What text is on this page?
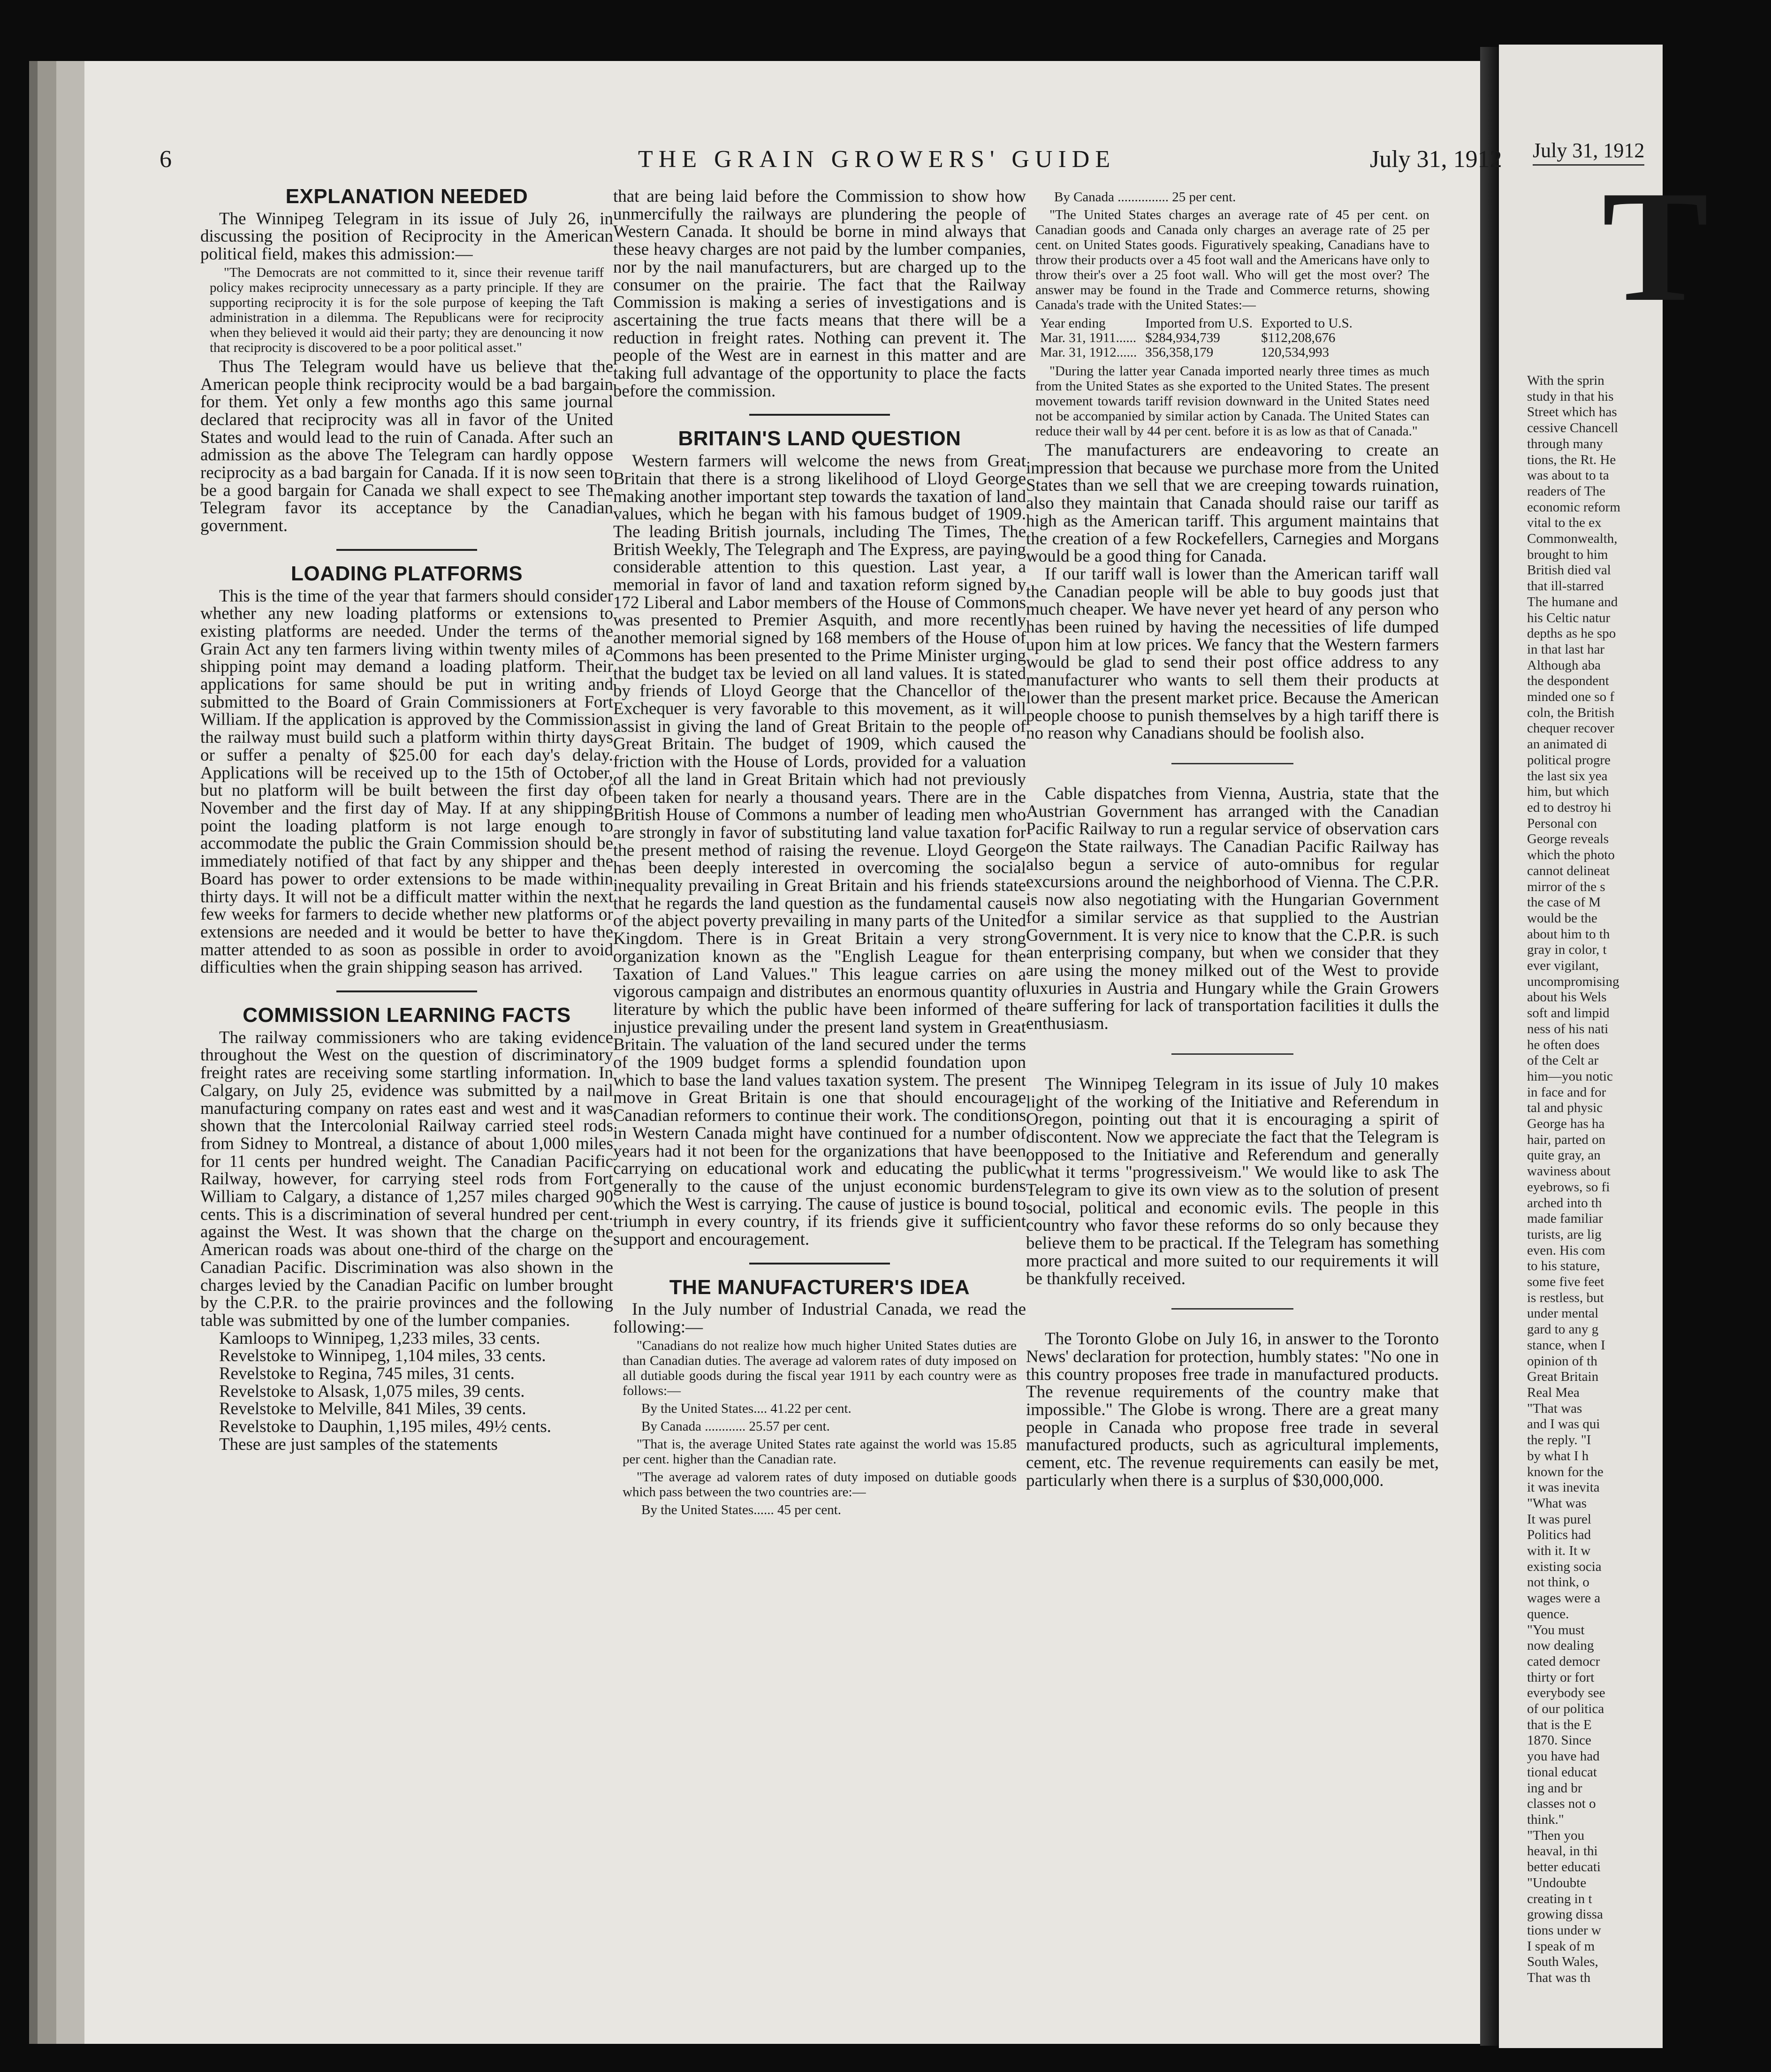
July 31, 1912
T
With the sprin
study in that his
Street which has
cessive Chancell
through many
tions, the Rt. He
was about to ta
readers of The
economic reform
vital to the ex
Commonwealth,
brought to him
British died val
that ill-starred
The humane and
his Celtic natur
depths as he spo
in that last har
Although aba
the despondent
minded one so f
coln, the British
chequer recover
an animated di
political progre
the last six yea
him, but which
ed to destroy hi
Personal con
George reveals
which the photo
cannot delineat
mirror of the s
the case of M
would be the
about him to th
gray in color, t
ever vigilant,
uncompromising
about his Wels
soft and limpid
ness of his nati
he often does
of the Celt ar
him—you notic
in face and for
tal and physic
George has ha
hair, parted on
quite gray, an
waviness about
eyebrows, so fi
arched into th
made familiar
turists, are lig
even. His com
to his stature,
some five feet
is restless, but
under mental
gard to any g
stance, when I
opinion of th
Great Britain
Real Mea
"That was
and I was qui
the reply. "I
by what I h
known for the
it was inevita
"What was
It was purel
Politics had
with it. It w
existing socia
not think, o
wages were a
quence.
"You must
now dealing
cated democr
thirty or fort
everybody see
of our politica
that is the E
1870. Since
you have had
tional educat
ing and br
classes not o
think."
"Then you
heaval, in thi
better educati
"Undoubte
creating in t
growing dissa
tions under w
I speak of m
South Wales,
That was th
6	THE GRAIN GROWERS' GUIDE	July 31, 1912
EXPLANATION NEEDED

The Winnipeg Telegram in its issue of July 26, in discussing the position of Reciprocity in the American political field, makes this admission:—

"The Democrats are not committed to it, since their revenue tariff policy makes reciprocity unnecessary as a party principle. If they are supporting reciprocity it is for the sole purpose of keeping the Taft administration in a dilemma. The Republicans were for reciprocity when they believed it would aid their party; they are denouncing it now that reciprocity is discovered to be a poor political asset."

Thus The Telegram would have us believe that the American people think reciprocity would be a bad bargain for them. Yet only a few months ago this same journal declared that reciprocity was all in favor of the United States and would lead to the ruin of Canada. After such an admission as the above The Telegram can hardly oppose reciprocity as a bad bargain for Canada. If it is now seen to be a good bargain for Canada we shall expect to see The Telegram favor its acceptance by the Canadian government.

LOADING PLATFORMS

This is the time of the year that farmers should consider whether any new loading platforms or extensions to existing platforms are needed. Under the terms of the Grain Act any ten farmers living within twenty miles of a shipping point may demand a loading platform. Their applications for same should be put in writing and submitted to the Board of Grain Commissioners at Fort William. If the application is approved by the Commission the railway must build such a platform within thirty days or suffer a penalty of $25.00 for each day's delay. Applications will be received up to the 15th of October, but no platform will be built between the first day of November and the first day of May. If at any shipping point the loading platform is not large enough to accommodate the public the Grain Commission should be immediately notified of that fact by any shipper and the Board has power to order extensions to be made within thirty days. It will not be a difficult matter within the next few weeks for farmers to decide whether new platforms or extensions are needed and it would be better to have the matter attended to as soon as possible in order to avoid difficulties when the grain shipping season has arrived.

COMMISSION LEARNING FACTS

The railway commissioners who are taking evidence throughout the West on the question of discriminatory freight rates are receiving some startling information. In Calgary, on July 25, evidence was submitted by a nail manufacturing company on rates east and west and it was shown that the Intercolonial Railway carried steel rods from Sidney to Montreal, a distance of about 1,000 miles for 11 cents per hundred weight. The Canadian Pacific Railway, however, for carrying steel rods from Fort William to Calgary, a distance of 1,257 miles charged 90 cents. This is a discrimination of several hundred per cent. against the West. It was shown that the charge on the American roads was about one-third of the charge on the Canadian Pacific. Discrimination was also shown in the charges levied by the Canadian Pacific on lumber brought by the C.P.R. to the prairie provinces and the following table was submitted by one of the lumber companies.

Kamloops to Winnipeg, 1,233 miles, 33 cents.

Revelstoke to Winnipeg, 1,104 miles, 33 cents.

Revelstoke to Regina, 745 miles, 31 cents.

Revelstoke to Alsask, 1,075 miles, 39 cents.

Revelstoke to Melville, 841 Miles, 39 cents.

Revelstoke to Dauphin, 1,195 miles, 49½ cents.

These are just samples of the statements

that are being laid before the Commission to show how unmercifully the railways are plundering the people of Western Canada. It should be borne in mind always that these heavy charges are not paid by the lumber companies, nor by the nail manufacturers, but are charged up to the consumer on the prairie. The fact that the Railway Commission is making a series of investigations and is ascertaining the true facts means that there will be a reduction in freight rates. Nothing can prevent it. The people of the West are in earnest in this matter and are taking full advantage of the opportunity to place the facts before the commission.

BRITAIN'S LAND QUESTION

Western farmers will welcome the news from Great Britain that there is a strong likelihood of Lloyd George making another important step towards the taxation of land values, which he began with his famous budget of 1909. The leading British journals, including The Times, The British Weekly, The Telegraph and The Express, are paying considerable attention to this question. Last year, a memorial in favor of land and taxation reform signed by 172 Liberal and Labor members of the House of Commons was presented to Premier Asquith, and more recently another memorial signed by 168 members of the House of Commons has been presented to the Prime Minister urging that the budget tax be levied on all land values. It is stated by friends of Lloyd George that the Chancellor of the Exchequer is very favorable to this movement, as it will assist in giving the land of Great Britain to the people of Great Britain. The budget of 1909, which caused the friction with the House of Lords, provided for a valuation of all the land in Great Britain which had not previously been taken for nearly a thousand years. There are in the British House of Commons a number of leading men who are strongly in favor of substituting land value taxation for the present method of raising the revenue. Lloyd George has been deeply interested in overcoming the social inequality prevailing in Great Britain and his friends state that he regards the land question as the fundamental cause of the abject poverty prevailing in many parts of the United Kingdom. There is in Great Britain a very strong organization known as the "English League for the Taxation of Land Values." This league carries on a vigorous campaign and distributes an enormous quantity of literature by which the public have been informed of the injustice prevailing under the present land system in Great Britain. The valuation of the land secured under the terms of the 1909 budget forms a splendid foundation upon which to base the land values taxation system. The present move in Great Britain is one that should encourage Canadian reformers to continue their work. The conditions in Western Canada might have continued for a number of years had it not been for the organizations that have been carrying on educational work and educating the public generally to the cause of the unjust economic burdens which the West is carrying. The cause of justice is bound to triumph in every country, if its friends give it sufficient support and encouragement.

THE MANUFACTURER'S IDEA

In the July number of Industrial Canada, we read the following:—

"Canadians do not realize how much higher United States duties are than Canadian duties. The average ad valorem rates of duty imposed on all dutiable goods during the fiscal year 1911 by each country were as follows:—

By the United States.... 41.22 per cent.

By Canada ............ 25.57 per cent.

"That is, the average United States rate against the world was 15.85 per cent. higher than the Canadian rate.

"The average ad valorem rates of duty imposed on dutiable goods which pass between the two countries are:—

By the United States...... 45 per cent.

By Canada ............... 25 per cent.

"The United States charges an average rate of 45 per cent. on Canadian goods and Canada only charges an average rate of 25 per cent. on United States goods. Figuratively speaking, Canadians have to throw their products over a 45 foot wall and the Americans have only to throw their's over a 25 foot wall. Who will get the most over? The answer may be found in the Trade and Commerce returns, showing Canada's trade with the United States:—

Year ending	Imported from U.S.	Exported to U.S.
Mar. 31, 1911......	$284,934,739	$112,208,676
Mar. 31, 1912......	356,358,179	120,534,993

"During the latter year Canada imported nearly three times as much from the United States as she exported to the United States. The present movement towards tariff revision downward in the United States need not be accompanied by similar action by Canada. The United States can reduce their wall by 44 per cent. before it is as low as that of Canada."

The manufacturers are endeavoring to create an impression that because we purchase more from the United States than we sell that we are creeping towards ruination, also they maintain that Canada should raise our tariff as high as the American tariff. This argument maintains that the creation of a few Rockefellers, Carnegies and Morgans would be a good thing for Canada.

If our tariff wall is lower than the American tariff wall the Canadian people will be able to buy goods just that much cheaper. We have never yet heard of any person who has been ruined by having the necessities of life dumped upon him at low prices. We fancy that the Western farmers would be glad to send their post office address to any manufacturer who wants to sell them their products at lower than the present market price. Because the American people choose to punish themselves by a high tariff there is no reason why Canadians should be foolish also.

Cable dispatches from Vienna, Austria, state that the Austrian Government has arranged with the Canadian Pacific Railway to run a regular service of observation cars on the State railways. The Canadian Pacific Railway has also begun a service of auto-omnibus for regular excursions around the neighborhood of Vienna. The C.P.R. is now also negotiating with the Hungarian Government for a similar service as that supplied to the Austrian Government. It is very nice to know that the C.P.R. is such an enterprising company, but when we consider that they are using the money milked out of the West to provide luxuries in Austria and Hungary while the Grain Growers are suffering for lack of transportation facilities it dulls the enthusiasm.

The Winnipeg Telegram in its issue of July 10 makes light of the working of the Initiative and Referendum in Oregon, pointing out that it is encouraging a spirit of discontent. Now we appreciate the fact that the Telegram is opposed to the Initiative and Referendum and generally what it terms "progressiveism." We would like to ask The Telegram to give its own view as to the solution of present social, political and economic evils. The people in this country who favor these reforms do so only because they believe them to be practical. If the Telegram has something more practical and more suited to our requirements it will be thankfully received.

The Toronto Globe on July 16, in answer to the Toronto News' declaration for protection, humbly states: "No one in this country proposes free trade in manufactured products. The revenue requirements of the country make that impossible." The Globe is wrong. There are a great many people in Canada who propose free trade in several manufactured products, such as agricultural implements, cement, etc. The revenue requirements can easily be met, particularly when there is a surplus of $30,000,000.
